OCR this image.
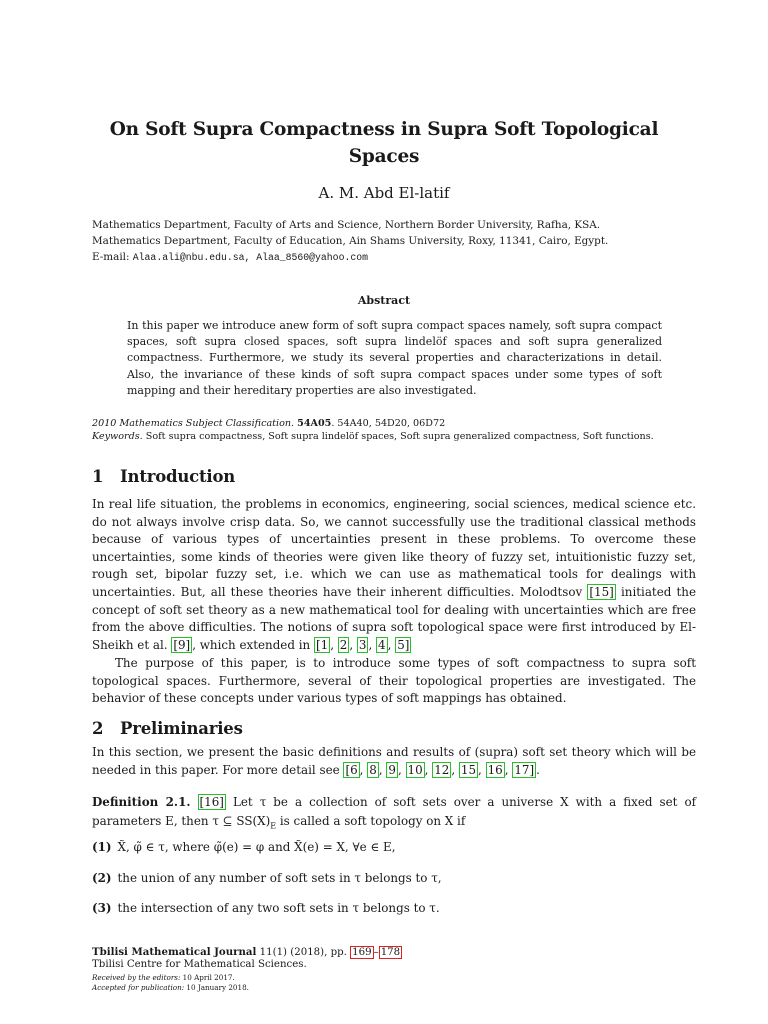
On Soft Supra Compactness in Supra Soft Topological Spaces
A. M. Abd El-latif
Mathematics Department, Faculty of Arts and Science, Northern Border University, Rafha, KSA.
Mathematics Department, Faculty of Education, Ain Shams University, Roxy, 11341, Cairo, Egypt.
E-mail: Alaa.ali@nbu.edu.sa, Alaa_8560@yahoo.com
Abstract
In this paper we introduce anew form of soft supra compact spaces namely, soft supra compact spaces, soft supra closed spaces, soft supra lindelöf spaces and soft supra generalized compactness. Furthermore, we study its several properties and characterizations in detail. Also, the invariance of these kinds of soft supra compact spaces under some types of soft mapping and their hereditary properties are also investigated.
2010 Mathematics Subject Classification. 54A05. 54A40, 54D20, 06D72
Keywords. Soft supra compactness, Soft supra lindelöf spaces, Soft supra generalized compactness, Soft functions.
1 Introduction
In real life situation, the problems in economics, engineering, social sciences, medical science etc. do not always involve crisp data. So, we cannot successfully use the traditional classical methods because of various types of uncertainties present in these problems. To overcome these uncertainties, some kinds of theories were given like theory of fuzzy set, intuitionistic fuzzy set, rough set, bipolar fuzzy set, i.e. which we can use as mathematical tools for dealings with uncertainties. But, all these theories have their inherent difficulties. Molodtsov [15] initiated the concept of soft set theory as a new mathematical tool for dealing with uncertainties which are free from the above difficulties. The notions of supra soft topological space were first introduced by El-Sheikh et al. [9] , which extended in [1 , 2 , 3 , 4 , 5]
The purpose of this paper, is to introduce some types of soft compactness to supra soft topological spaces. Furthermore, several of their topological properties are investigated. The behavior of these concepts under various types of soft mappings has obtained.
2 Preliminaries
In this section, we present the basic definitions and results of (supra) soft set theory which will be needed in this paper. For more detail see [6 , 8 , 9 , 10 , 12 , 15 , 16 , 17] .
Definition 2.1. [16] Let τ be a collection of soft sets over a universe X with a fixed set of parameters E, then τ ⊆ $SS(X)_E$ is called a soft topology on X if
(1) X̃, φ̃ ∈ τ, where φ̃(e) = φ and X̃(e) = X, ∀e ∈ E,
(2) the union of any number of soft sets in τ belongs to τ,
(3) the intersection of any two soft sets in τ belongs to τ.
Tbilisi Mathematical Journal 11(1) (2018), pp. 169 – 178
Tbilisi Centre for Mathematical Sciences.
Received by the editors: 10 April 2017.
Accepted for publication: 10 January 2018.
